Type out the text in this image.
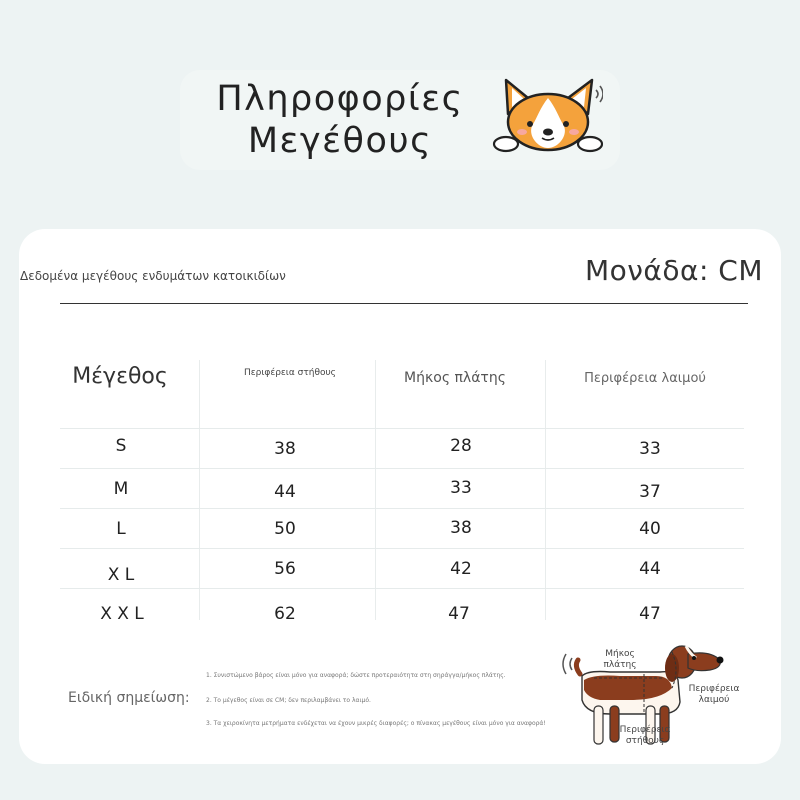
Πληροφορίες
Μεγέθους
Δεδομένα μεγέθους ενδυμάτων κατοικιδίων	Μονάδα: CM
Μέγεθος	Περιφέρεια στήθους	Μήκος πλάτης	Περιφέρεια λαιμού
S	38	28	33
M	44	33	37
L	50	38	40
X L	56	42	44
X X L	62	47	47
Ειδική σημείωση:
1. Συνιστώμενο βάρος είναι μόνο για αναφορά; δώστε προτεραιότητα στη σηράγγα/μήκος πλάτης.
2. Το μέγεθος είναι σε CM; δεν περιλαμβάνει το λαιμό.
3. Τα χειροκίνητα μετρήματα ενδέχεται να έχουν μικρές διαφορές; ο πίνακας μεγέθους είναι μόνο για αναφορά!
Μήκος πλάτης
Περιφέρεια λαιμού
Περιφέρεια στήθους
